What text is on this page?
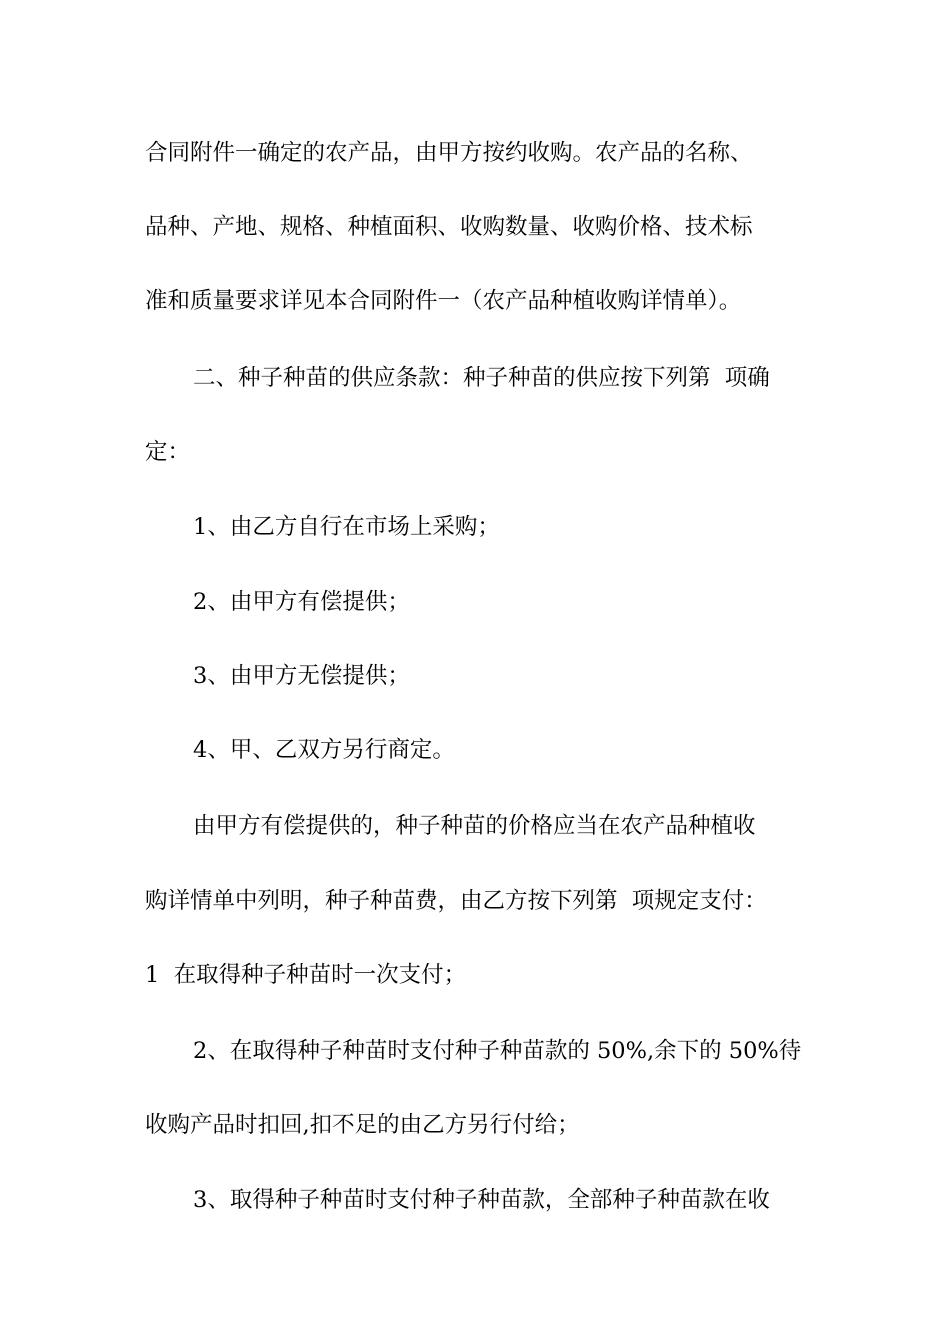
合同附件一确定的农产品，由甲方按约收购。农产品的名称、
品种、产地、规格、种植面积、收购数量、收购价格、技术标
准和质量要求详见本合同附件一（农产品种植收购详情单）。
二、种子种苗的供应条款：种子种苗的供应按下列第  项确
定：
1、由乙方自行在市场上采购；
2、由甲方有偿提供；
3、由甲方无偿提供；
4、甲、乙双方另行商定。
由甲方有偿提供的，种子种苗的价格应当在农产品种植收
购详情单中列明，种子种苗费，由乙方按下列第  项规定支付：
1  在取得种子种苗时一次支付；
2、在取得种子种苗时支付种子种苗款的 50%,余下的 50%待
收购产品时扣回,扣不足的由乙方另行付给；
3、取得种子种苗时支付种子种苗款，全部种子种苗款在收
